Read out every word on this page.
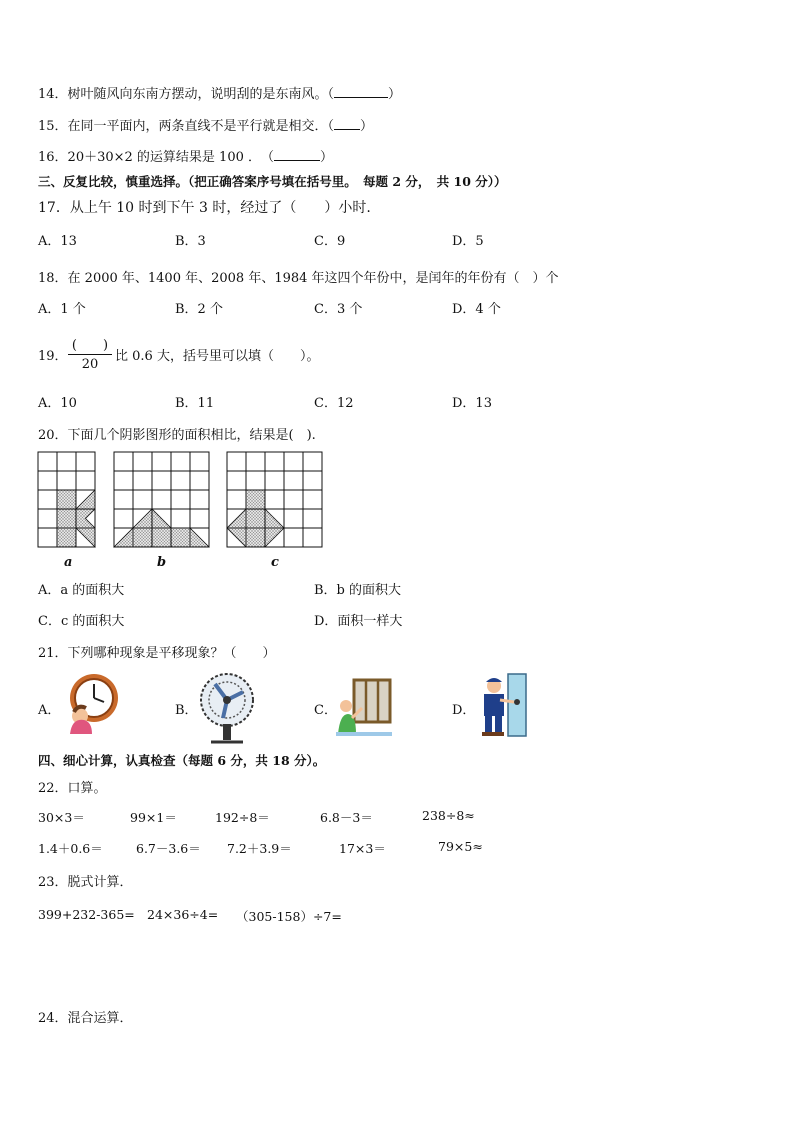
14．树叶随风向东南方摆动，说明刮的是东南风。（	）
15．在同一平面内，两条直线不是平行就是相交．（ ）
16．20＋30×2 的运算结果是 100 ．　（	）
三、反复比较，慎重选择。（把正确答案序号填在括号里。　每题 2 分，　共 10 分））
17．从上午 10 时到下午 3 时，经过了（　　）小时.
A．13	B．3	C．9	D．5
18．在 2000 年、1400 年、2008 年、1984 年这四个年份中，是闰年的年份有（　）个
A．1 个	B．2 个	C．3 个	D．4 个
19．
(　　)
20
比 0.6 大，括号里可以填（　　）。
A．10	B．11	C．12	D．13
20．下面几个阴影图形的面积相比，结果是(　).
a	b	c
A．a 的面积大	B．b 的面积大
C．c 的面积大	D．面积一样大
21．下列哪种现象是平移现象？（　　）
A．	B．	C．	D．
四、细心计算，认真检查（每题 6 分，共 18 分）。
22．口算。
30×3＝	99×1＝	192÷8＝	6.8－3＝	238÷8≈
1.4＋0.6＝	6.7－3.6＝ 7.2＋3.9＝	17×3＝	79×5≈
23．脱式计算．
399+232-365= 24×36÷4= （305-158）÷7=
24．混合运算．
